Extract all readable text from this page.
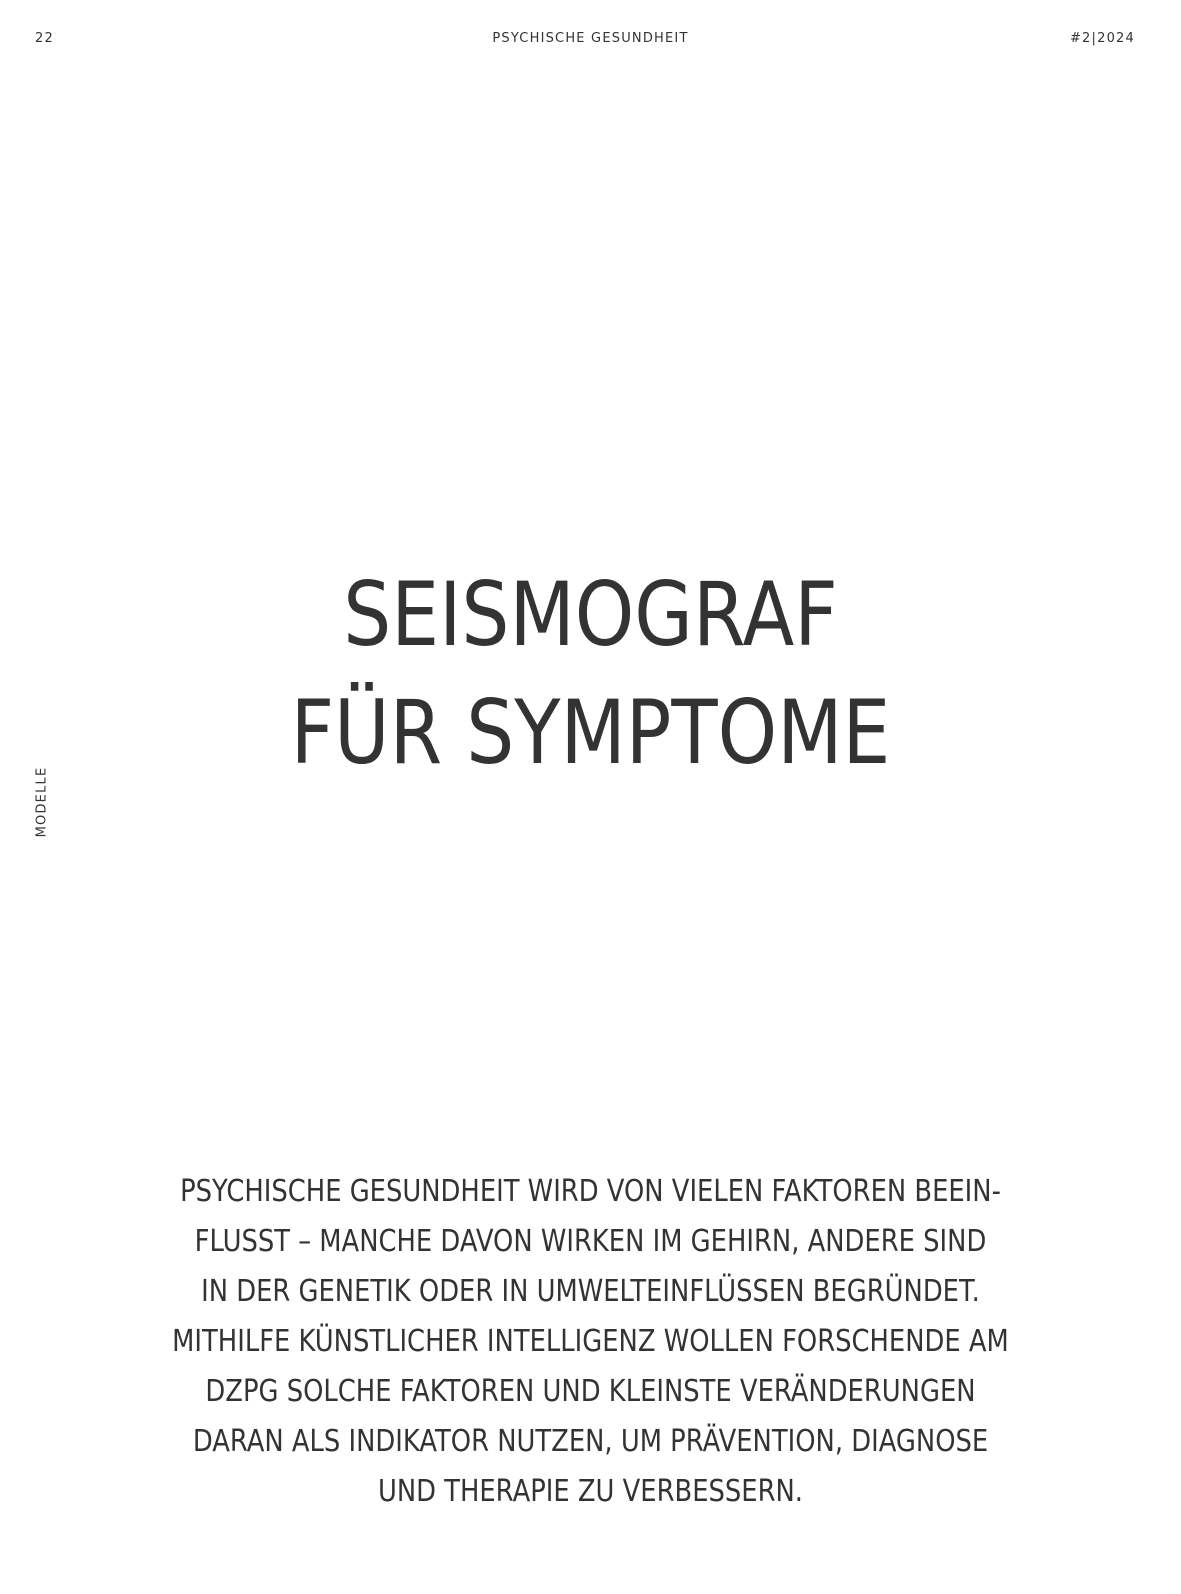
22	PSYCHISCHE GESUNDHEIT	#2|2024
MODELLE
SEISMOGRAF
FÜR SYMPTOME
PSYCHISCHE GESUNDHEIT WIRD VON VIELEN FAKTOREN BEEIN-
FLUSST – MANCHE DAVON WIRKEN IM GEHIRN, ANDERE SIND
IN DER GENETIK ODER IN UMWELTEINFLÜSSEN BEGRÜNDET.
MITHILFE KÜNSTLICHER INTELLIGENZ WOLLEN FORSCHENDE AM
DZPG SOLCHE FAKTOREN UND KLEINSTE VERÄNDERUNGEN
DARAN ALS INDIKATOR NUTZEN, UM PRÄVENTION, DIAGNOSE
UND THERAPIE ZU VERBESSERN.
